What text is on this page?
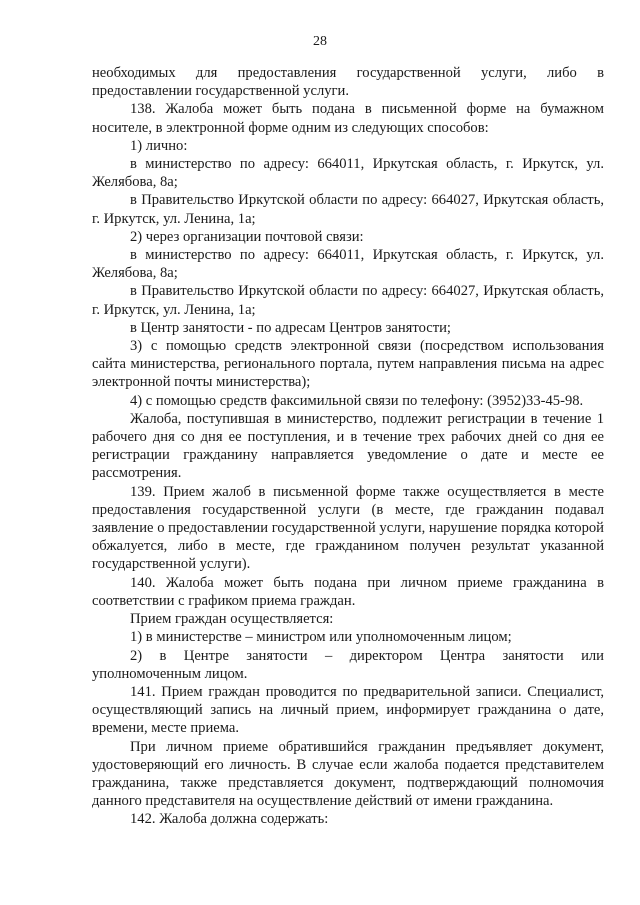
28

необходимых для предоставления государственной услуги, либо в предоставлении государственной услуги.

138. Жалоба может быть подана в письменной форме на бумажном носителе, в электронной форме одним из следующих способов:

1) лично:

в министерство по адресу: 664011, Иркутская область, г. Иркутск, ул. Желябова, 8а;

в Правительство Иркутской области по адресу: 664027, Иркутская область, г. Иркутск, ул. Ленина, 1а;

2) через организации почтовой связи:

в министерство по адресу: 664011, Иркутская область, г. Иркутск, ул. Желябова, 8а;

в Правительство Иркутской области по адресу: 664027, Иркутская область, г. Иркутск, ул. Ленина, 1а;

в Центр занятости - по адресам Центров занятости;

3) с помощью средств электронной связи (посредством использования сайта министерства, регионального портала, путем направления письма на адрес электронной почты министерства);

4) с помощью средств факсимильной связи по телефону: (3952)33-45-98.

Жалоба, поступившая в министерство, подлежит регистрации в течение 1 рабочего дня со дня ее поступления, и в течение трех рабочих дней со дня ее регистрации гражданину направляется уведомление о дате и месте ее рассмотрения.

139. Прием жалоб в письменной форме также осуществляется в месте предоставления государственной услуги (в месте, где гражданин подавал заявление о предоставлении государственной услуги, нарушение порядка которой обжалуется, либо в месте, где гражданином получен результат указанной государственной услуги).

140. Жалоба может быть подана при личном приеме гражданина в соответствии с графиком приема граждан.

Прием граждан осуществляется:

1) в министерстве – министром или уполномоченным лицом;

2) в Центре занятости – директором Центра занятости или уполномоченным лицом.

141. Прием граждан проводится по предварительной записи. Специалист, осуществляющий запись на личный прием, информирует гражданина о дате, времени, месте приема.

При личном приеме обратившийся гражданин предъявляет документ, удостоверяющий его личность. В случае если жалоба подается представителем гражданина, также представляется документ, подтверждающий полномочия данного представителя на осуществление действий от имени гражданина.

142. Жалоба должна содержать:
